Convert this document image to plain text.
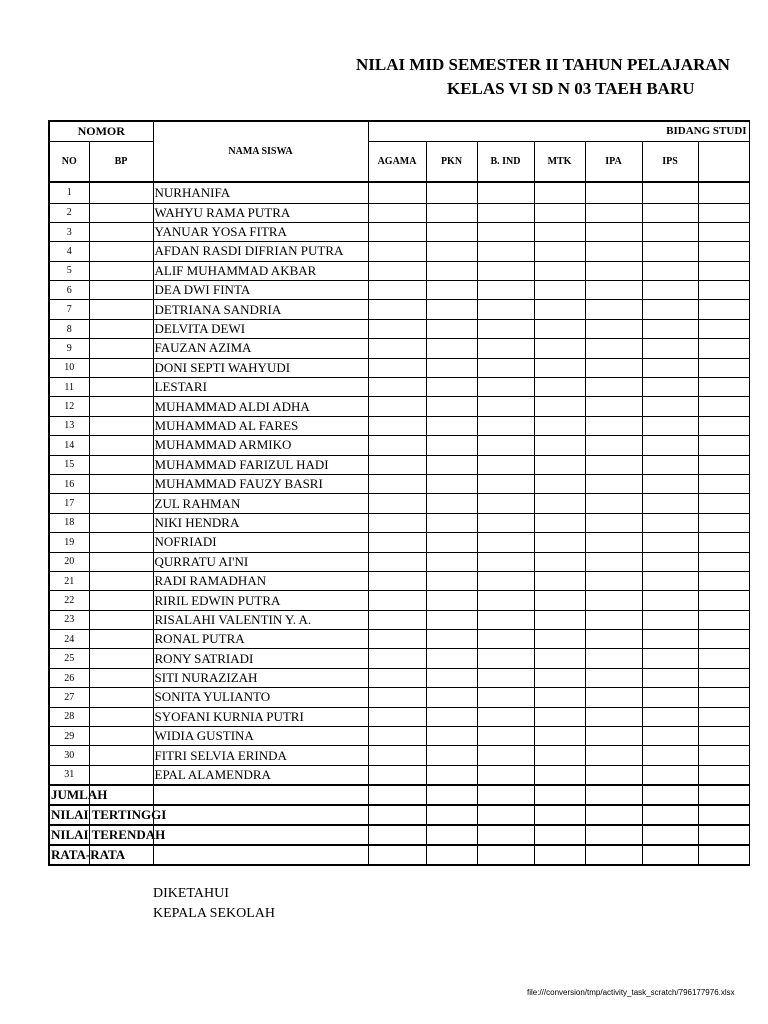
NILAI MID SEMESTER II TAHUN PELAJARAN
KELAS VI SD N 03 TAEH BARU
NOMOR		NAMA SISWA	BIDANG STUDI						
NO	BP		AGAMA	PKN	B. IND	MTK	IPA	IPS	
1		NURHANIFA							
2		WAHYU RAMA PUTRA							
3		YANUAR YOSA FITRA							
4		AFDAN RASDI DIFRIAN PUTRA							
5		ALIF MUHAMMAD AKBAR							
6		DEA DWI FINTA							
7		DETRIANA SANDRIA							
8		DELVITA DEWI							
9		FAUZAN AZIMA							
10		DONI SEPTI WAHYUDI							
11		LESTARI							
12		MUHAMMAD ALDI ADHA							
13		MUHAMMAD AL FARES							
14		MUHAMMAD ARMIKO							
15		MUHAMMAD FARIZUL HADI							
16		MUHAMMAD FAUZY BASRI							
17		ZUL RAHMAN							
18		NIKI HENDRA							
19		NOFRIADI							
20		QURRATU AI'NI							
21		RADI RAMADHAN							
22		RIRIL EDWIN PUTRA							
23		RISALAHI VALENTIN Y. A.							
24		RONAL PUTRA							
25		RONY SATRIADI							
26		SITI NURAZIZAH							
27		SONITA YULIANTO							
28		SYOFANI KURNIA PUTRI							
29		WIDIA GUSTINA							
30		FITRI SELVIA ERINDA							
31		EPAL ALAMENDRA							

JUMLAH									

NILAI TERTINGGI									

NILAI TERENDAH									

RATA-RATA									

DIKETAHUI
KEPALA SEKOLAH
file:///conversion/tmp/activity_task_scratch/796177976.xlsx
